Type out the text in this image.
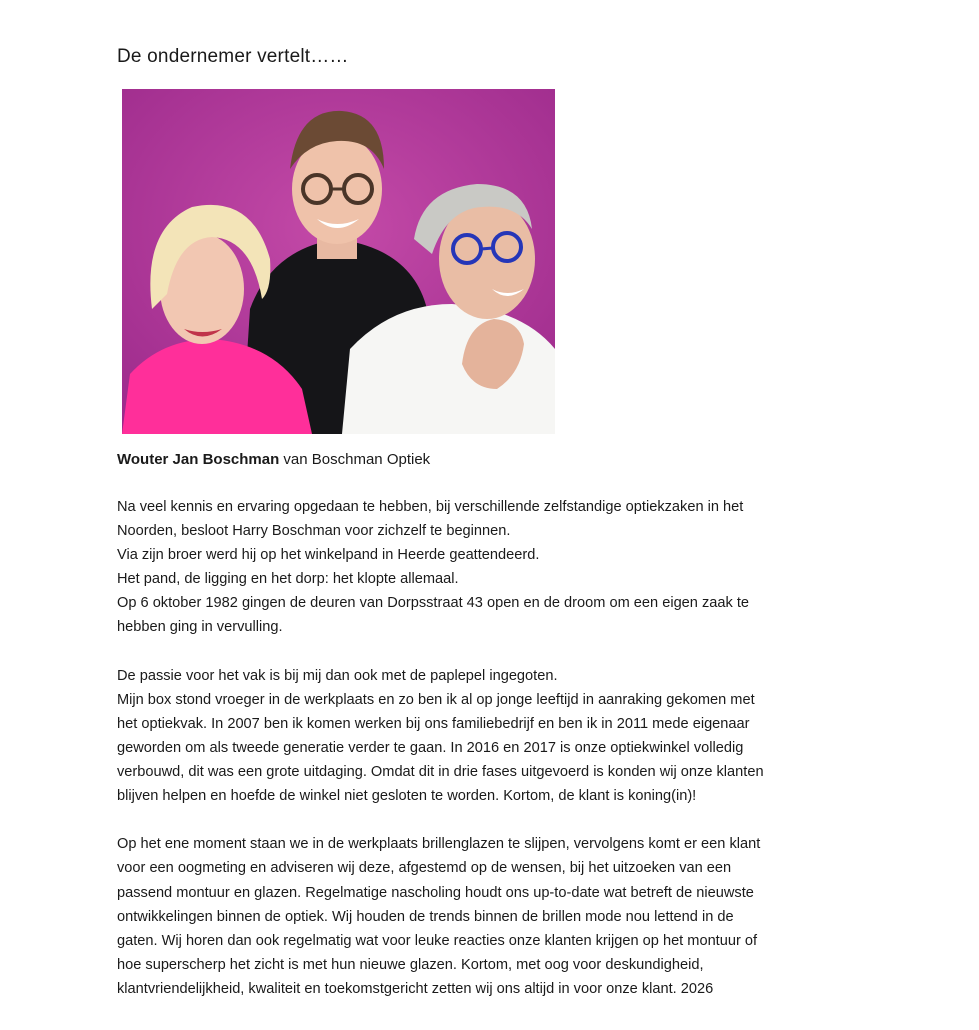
De ondernemer vertelt……

Wouter Jan Boschman van Boschman Optiek

Na veel kennis en ervaring opgedaan te hebben, bij verschillende zelfstandige optiekzaken in het

Noorden, besloot Harry Boschman voor zichzelf te beginnen.

Via zijn broer werd hij op het winkelpand in Heerde geattendeerd.

Het pand, de ligging en het dorp: het klopte allemaal.

Op 6 oktober 1982 gingen de deuren van Dorpsstraat 43 open en de droom om een eigen zaak te

hebben ging in vervulling.

De passie voor het vak is bij mij dan ook met de paplepel ingegoten.

Mijn box stond vroeger in de werkplaats en zo ben ik al op jonge leeftijd in aanraking gekomen met

het optiekvak. In 2007 ben ik komen werken bij ons familiebedrijf en ben ik in 2011 mede eigenaar

geworden om als tweede generatie verder te gaan. In 2016 en 2017 is onze optiekwinkel volledig

verbouwd, dit was een grote uitdaging. Omdat dit in drie fases uitgevoerd is konden wij onze klanten

blijven helpen en hoefde de winkel niet gesloten te worden. Kortom, de klant is koning(in)!

Op het ene moment staan we in de werkplaats brillenglazen te slijpen, vervolgens komt er een klant

voor een oogmeting en adviseren wij deze, afgestemd op de wensen, bij het uitzoeken van een

passend montuur en glazen. Regelmatige nascholing houdt ons up-to-date wat betreft de nieuwste

ontwikkelingen binnen de optiek. Wij houden de trends binnen de brillen mode nou lettend in de

gaten. Wij horen dan ook regelmatig wat voor leuke reacties onze klanten krijgen op het montuur of

hoe superscherp het zicht is met hun nieuwe glazen. Kortom, met oog voor deskundigheid,

klantvriendelijkheid, kwaliteit en toekomstgericht zetten wij ons altijd in voor onze klant. 2026
